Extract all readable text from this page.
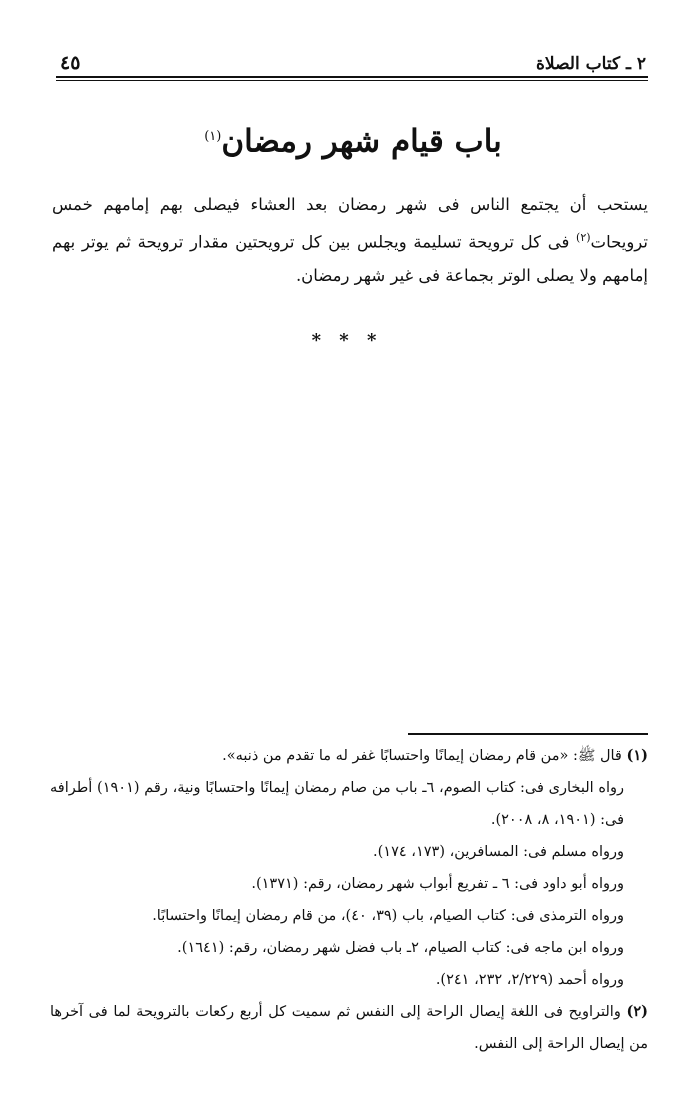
٢ ـ كتاب الصلاة
٤٥
باب قيام شهر رمضان$^{(١)}$
يستحب أن يجتمع الناس فى شهر رمضان بعد العشاء فيصلى بهم إمامهم خمس ترويحات$^{(٢)}$ فى كل ترويحة تسليمة ويجلس بين كل ترويحتين مقدار ترويحة ثم يوتر بهم إمامهم ولا يصلى الوتر بجماعة فى غير شهر رمضان.
* * *

(١) قال ﷺ: «من قام رمضان إيمانًا واحتسابًا غفر له ما تقدم من ذنبه».

رواه البخارى فى: كتاب الصوم، ٦ـ باب من صام رمضان إيمانًا واحتسابًا ونية، رقم (١٩٠١) أطرافه فى: (١٩٠١، ٨، ٢٠٠٨).

ورواه مسلم فى: المسافرين، (١٧٣، ١٧٤).

ورواه أبو داود فى: ٦ ـ تفريع أبواب شهر رمضان، رقم: (١٣٧١).

ورواه الترمذى فى: كتاب الصيام، باب (٣٩، ٤٠)، من قام رمضان إيمانًا واحتسابًا.

ورواه ابن ماجه فى: كتاب الصيام، ٢ـ باب فضل شهر رمضان، رقم: (١٦٤١).

ورواه أحمد (٢/٢٢٩، ٢٣٢، ٢٤١).

(٢) والتراويح فى اللغة إيصال الراحة إلى النفس ثم سميت كل أربع ركعات بالترويحة لما فى آخرها من إيصال الراحة إلى النفس.
